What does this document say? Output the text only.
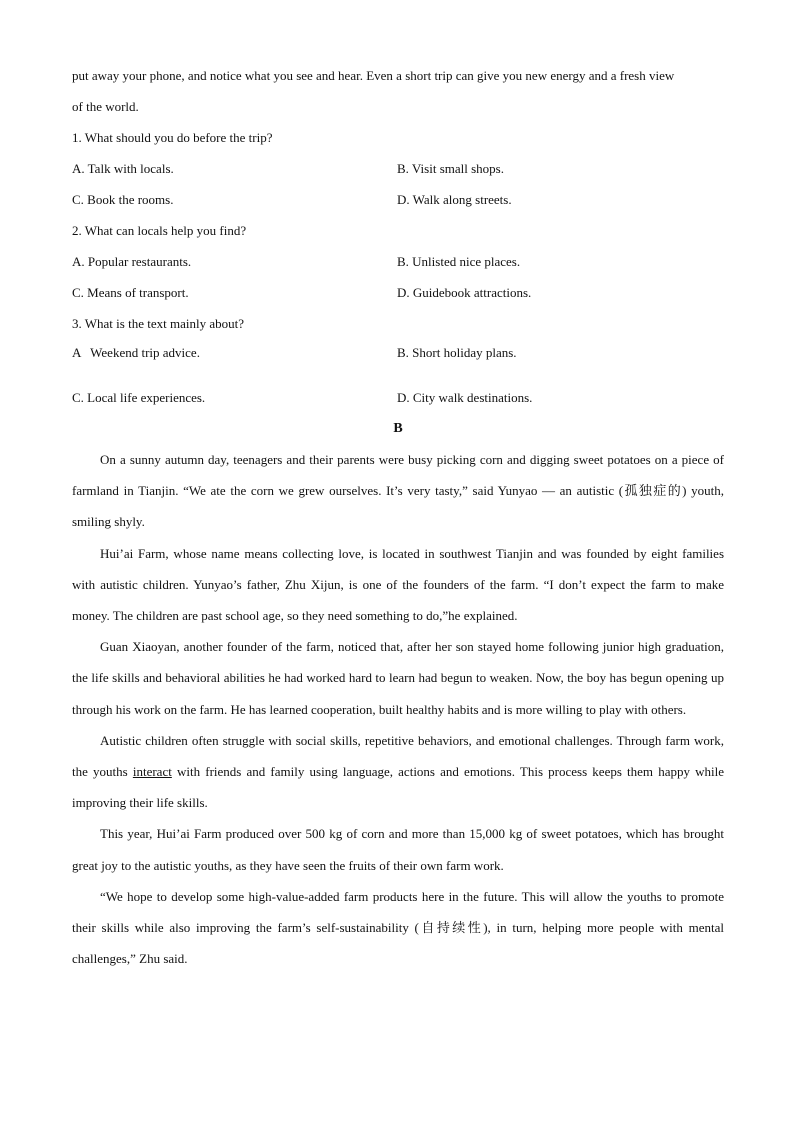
put away your phone, and notice what you see and hear. Even a short trip can give you new energy and a fresh view

of the world.

1. What should you do before the trip?

A. Talk with locals.	B. Visit small shops.
C. Book the rooms.	D. Walk along streets.

2. What can locals help you find?

A. Popular restaurants.	B. Unlisted nice places.
C. Means of transport.	D. Guidebook attractions.

3. What is the text mainly about?

A   Weekend trip advice.	B. Short holiday plans.
C. Local life experiences.	D. City walk destinations.

B

On a sunny autumn day, teenagers and their parents were busy picking corn and digging sweet potatoes on a piece of farmland in Tianjin. “We ate the corn we grew ourselves. It’s very tasty,” said Yunyao — an autistic (孤独症的) youth, smiling shyly.

Hui’ai Farm, whose name means collecting love, is located in southwest Tianjin and was founded by eight families with autistic children. Yunyao’s father, Zhu Xijun, is one of the founders of the farm. “I don’t expect the farm to make money. The children are past school age, so they need something to do,”he explained.

Guan Xiaoyan, another founder of the farm, noticed that, after her son stayed home following junior high graduation, the life skills and behavioral abilities he had worked hard to learn had begun to weaken. Now, the boy has begun opening up through his work on the farm. He has learned cooperation, built healthy habits and is more willing to play with others.

Autistic children often struggle with social skills, repetitive behaviors, and emotional challenges. Through farm work, the youths interact with friends and family using language, actions and emotions. This process keeps them happy while improving their life skills.

This year, Hui’ai Farm produced over 500 kg of corn and more than 15,000 kg of sweet potatoes, which has brought great joy to the autistic youths, as they have seen the fruits of their own farm work.

“We hope to develop some high-value-added farm products here in the future. This will allow the youths to promote their skills while also improving the farm’s self-sustainability (自持续性), in turn, helping more people with mental challenges,” Zhu said.
